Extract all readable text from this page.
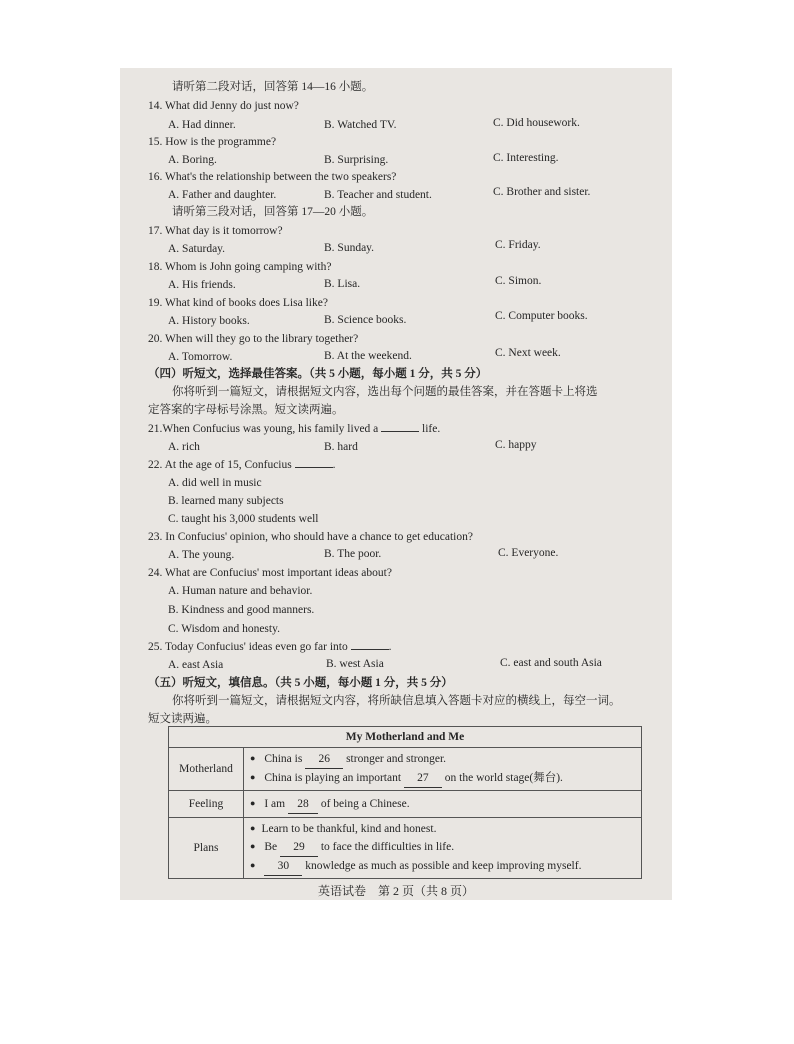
请听第二段对话，回答第 14—16 小题。
14. What did Jenny do just now?
A. Had dinner.	B. Watched TV.	C. Did housework.
15. How is the programme?
A. Boring.	B. Surprising.	C. Interesting.
16. What's the relationship between the two speakers?
A. Father and daughter.	B. Teacher and student.	C. Brother and sister.
请听第三段对话，回答第 17—20 小题。
17. What day is it tomorrow?
A. Saturday.	B. Sunday.	C. Friday.
18. Whom is John going camping with?
A. His friends.	B. Lisa.	C. Simon.
19. What kind of books does Lisa like?
A. History books.	B. Science books.	C. Computer books.
20. When will they go to the library together?
A. Tomorrow.	B. At the weekend.	C. Next week.
（四）听短文，选择最佳答案。（共 5 小题，每小题 1 分，共 5 分）
你将听到一篇短文，请根据短文内容，选出每个问题的最佳答案，并在答题卡上将选
定答案的字母标号涂黑。短文读两遍。
21.When Confucius was young, his family lived a	life.
A. rich	B. hard	C. happy
22. At the age of 15, Confucius	.
A. did well in music
B. learned many subjects
C. taught his 3,000 students well
23. In Confucius' opinion, who should have a chance to get education?
A. The young.	B. The poor.	C. Everyone.
24. What are Confucius' most important ideas about?
A. Human nature and behavior.
B. Kindness and good manners.
C. Wisdom and honesty.
25. Today Confucius' ideas even go far into	.
A. east Asia	B. west Asia	C. east and south Asia
（五）听短文，填信息。（共 5 小题，每小题 1 分，共 5 分）
你将听到一篇短文，请根据短文内容，将所缺信息填入答题卡对应的横线上，每空一词。
短文读两遍。
My Motherland and Me	
Motherland	● China is 26 stronger and stronger.
● China is playing an important 27 on the world stage(舞台).

Feeling	● I am 28 of being a Chinese.

Plans	● Learn to be thankful, kind and honest.
● Be 29 to face the difficulties in life.
● 30 knowledge as much as possible and keep improving myself.
英语试卷　第 2 页（共 8 页）
